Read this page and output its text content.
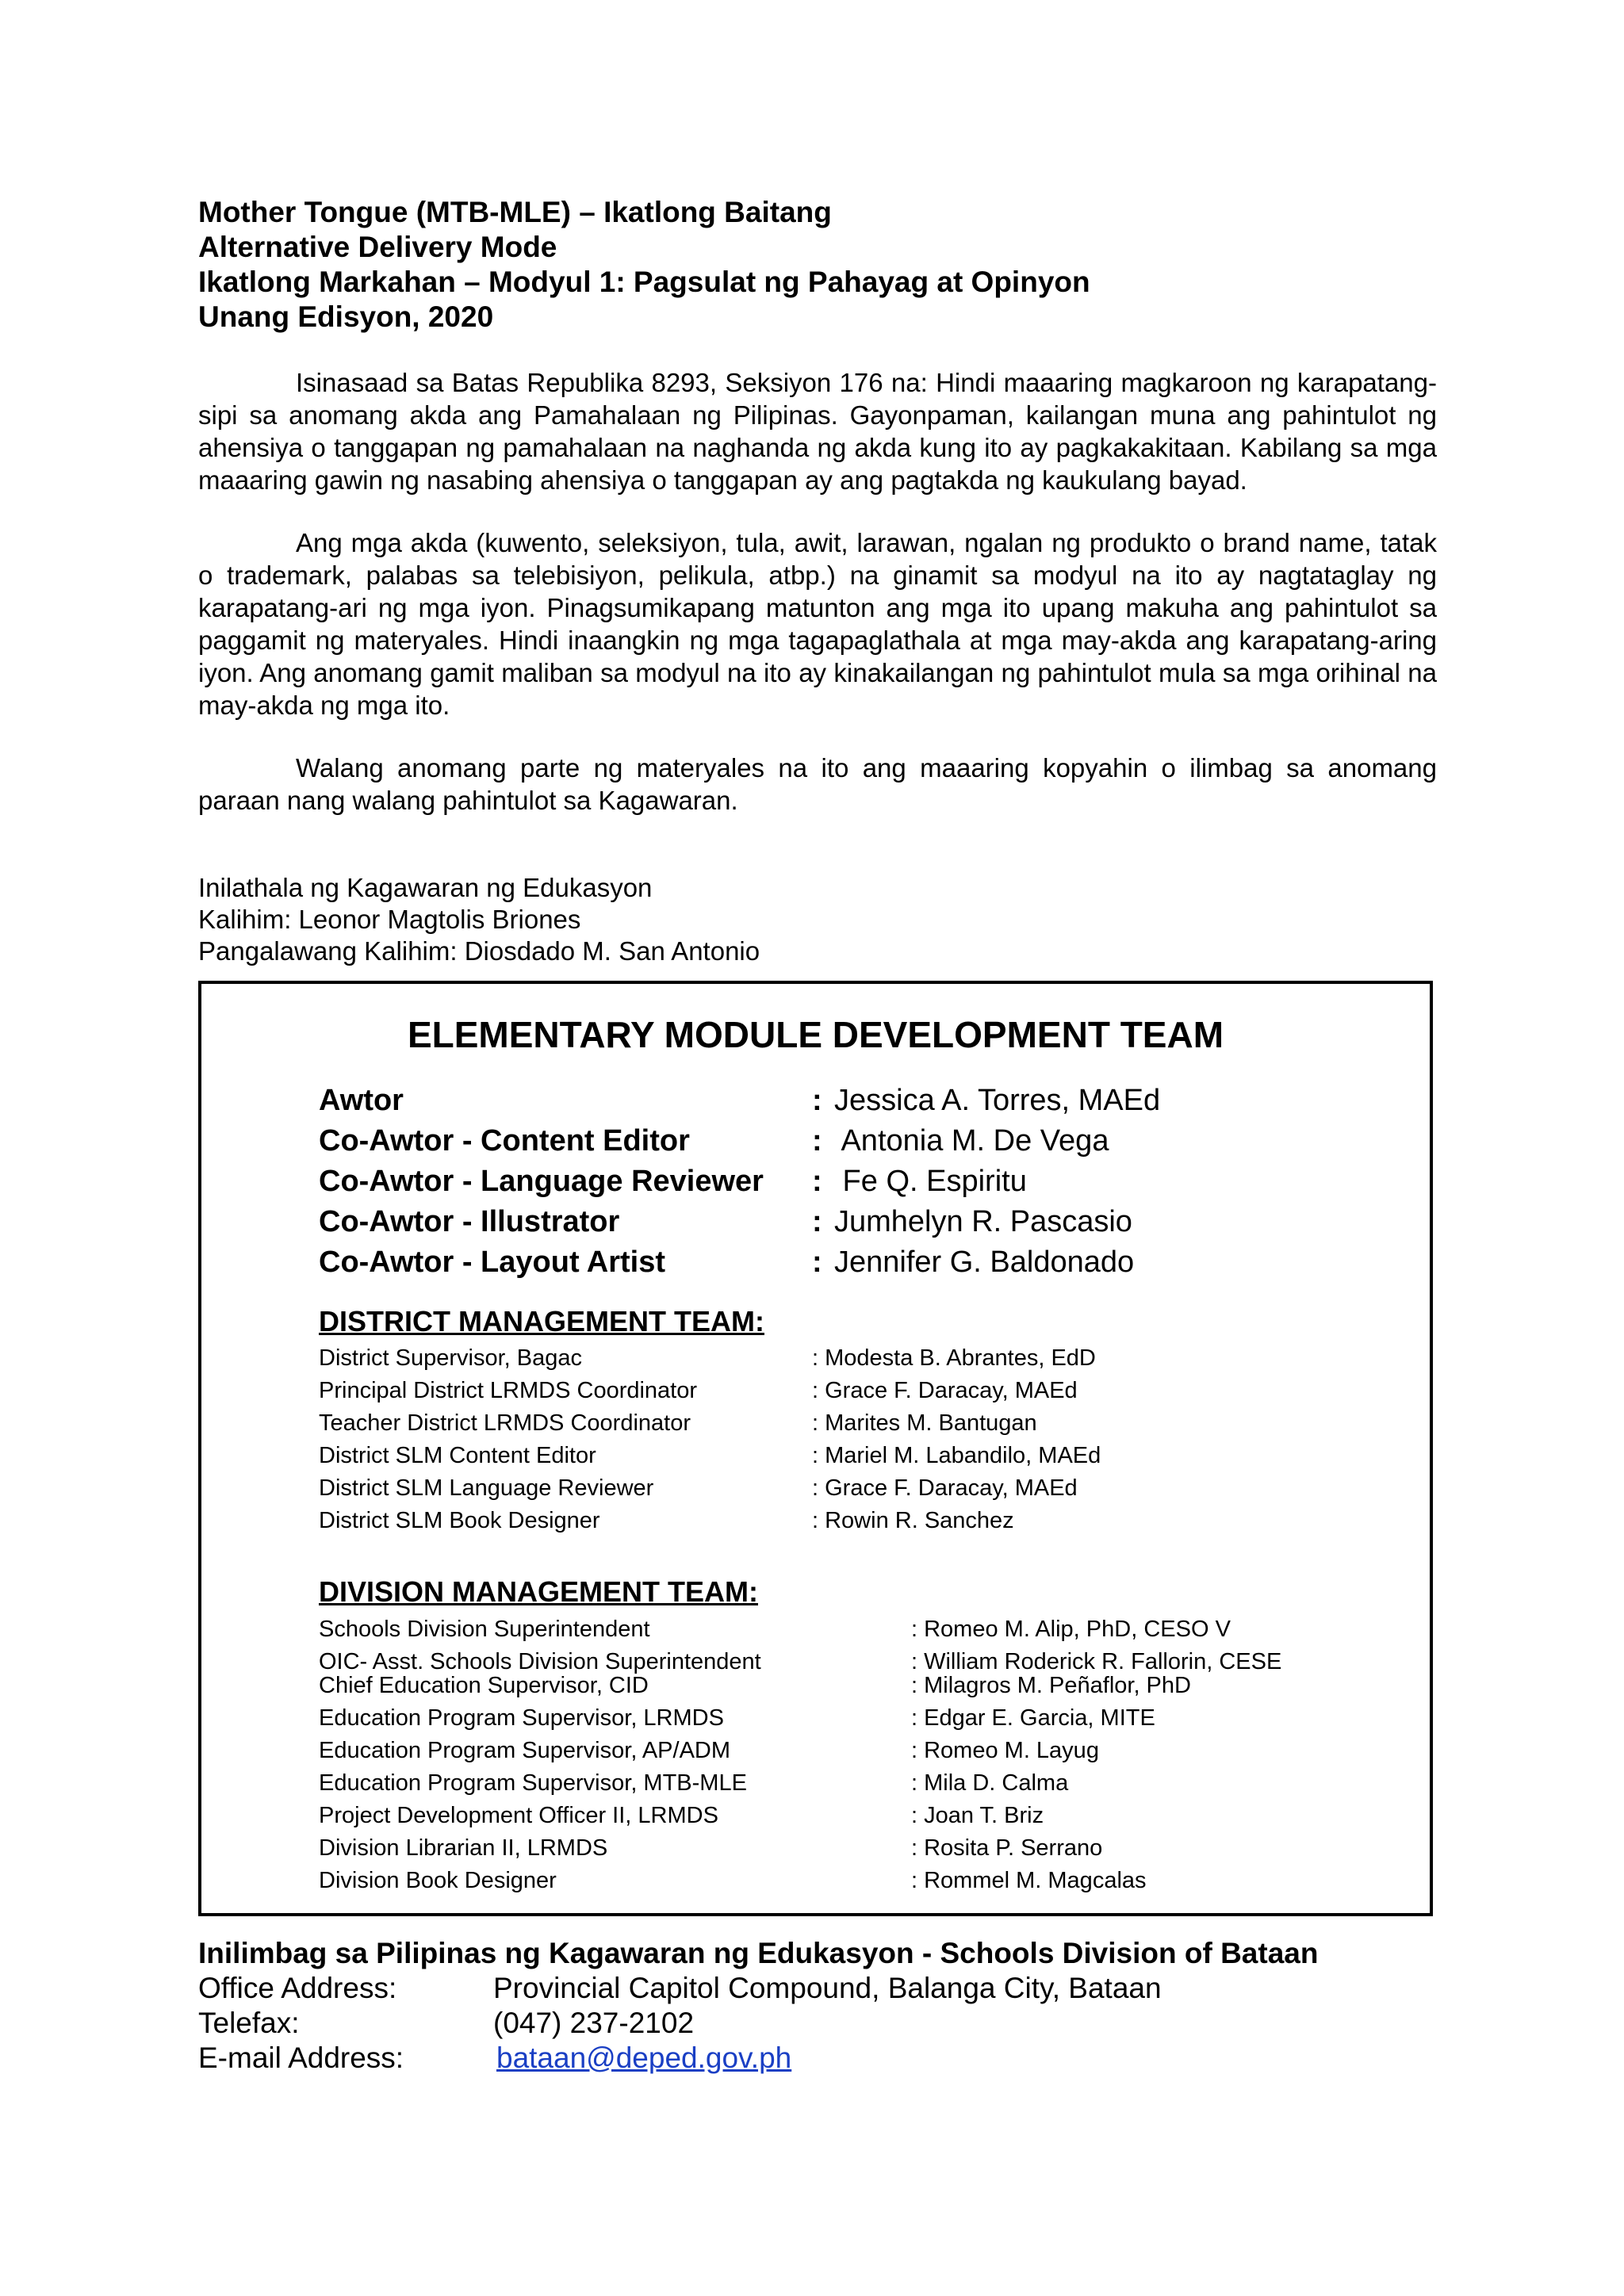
Mother Tongue (MTB-MLE) – Ikatlong Baitang
Alternative Delivery Mode
Ikatlong Markahan – Modyul 1: Pagsulat ng Pahayag at Opinyon
Unang Edisyon, 2020

Isinasaad sa Batas Republika 8293, Seksiyon 176 na: Hindi maaaring magkaroon ng karapatang-sipi sa anomang akda ang Pamahalaan ng Pilipinas. Gayonpaman, kailangan muna ang pahintulot ng ahensiya o tanggapan ng pamahalaan na naghanda ng akda kung ito ay pagkakakitaan. Kabilang sa mga maaaring gawin ng nasabing ahensiya o tanggapan ay ang pagtakda ng kaukulang bayad.

Ang mga akda (kuwento, seleksiyon, tula, awit, larawan, ngalan ng produkto o brand name, tatak o trademark, palabas sa telebisiyon, pelikula, atbp.) na ginamit sa modyul na ito ay nagtataglay ng karapatang-ari ng mga iyon. Pinagsumikapang matunton ang mga ito upang makuha ang pahintulot sa paggamit ng materyales. Hindi inaangkin ng mga tagapaglathala at mga may-akda ang karapatang-aring iyon. Ang anomang gamit maliban sa modyul na ito ay kinakailangan ng pahintulot mula sa mga orihinal na may-akda ng mga ito.

Walang anomang parte ng materyales na ito ang maaaring kopyahin o ilimbag sa anomang paraan nang walang pahintulot sa Kagawaran.

Inilathala ng Kagawaran ng Edukasyon
Kalihim: Leonor Magtolis Briones
Pangalawang Kalihim: Diosdado M. San Antonio
ELEMENTARY MODULE DEVELOPMENT TEAM
Awtor	: Jessica A. Torres, MAEd
Co-Awtor - Content Editor	: Antonia M. De Vega
Co-Awtor - Language Reviewer : Fe Q. Espiritu
Co-Awtor - Illustrator	: Jumhelyn R. Pascasio
Co-Awtor - Layout Artist	: Jennifer G. Baldonado
DISTRICT MANAGEMENT TEAM:
District Supervisor, Bagac	: Modesta B. Abrantes, EdD
Principal District LRMDS Coordinator	: Grace F. Daracay, MAEd
Teacher District LRMDS Coordinator	: Marites M. Bantugan
District SLM Content Editor	: Mariel M. Labandilo, MAEd
District SLM Language Reviewer	: Grace F. Daracay, MAEd
District SLM Book Designer	: Rowin R. Sanchez
DIVISION MANAGEMENT TEAM:
Schools Division Superintendent	: Romeo M. Alip, PhD, CESO V
OIC- Asst. Schools Division Superintendent	: William Roderick R. Fallorin, CESE
Chief Education Supervisor, CID	: Milagros M. Peñaflor, PhD
Education Program Supervisor, LRMDS	: Edgar E. Garcia, MITE
Education Program Supervisor, AP/ADM	: Romeo M. Layug
Education Program Supervisor, MTB-MLE	: Mila D. Calma
Project Development Officer II, LRMDS	: Joan T. Briz
Division Librarian II, LRMDS	: Rosita P. Serrano
Division Book Designer	: Rommel M. Magcalas
Inilimbag sa Pilipinas ng Kagawaran ng Edukasyon - Schools Division of Bataan
Office Address:	Provincial Capitol Compound, Balanga City, Bataan
Telefax:	(047) 237-2102
E-mail Address:	bataan@deped.gov.ph
